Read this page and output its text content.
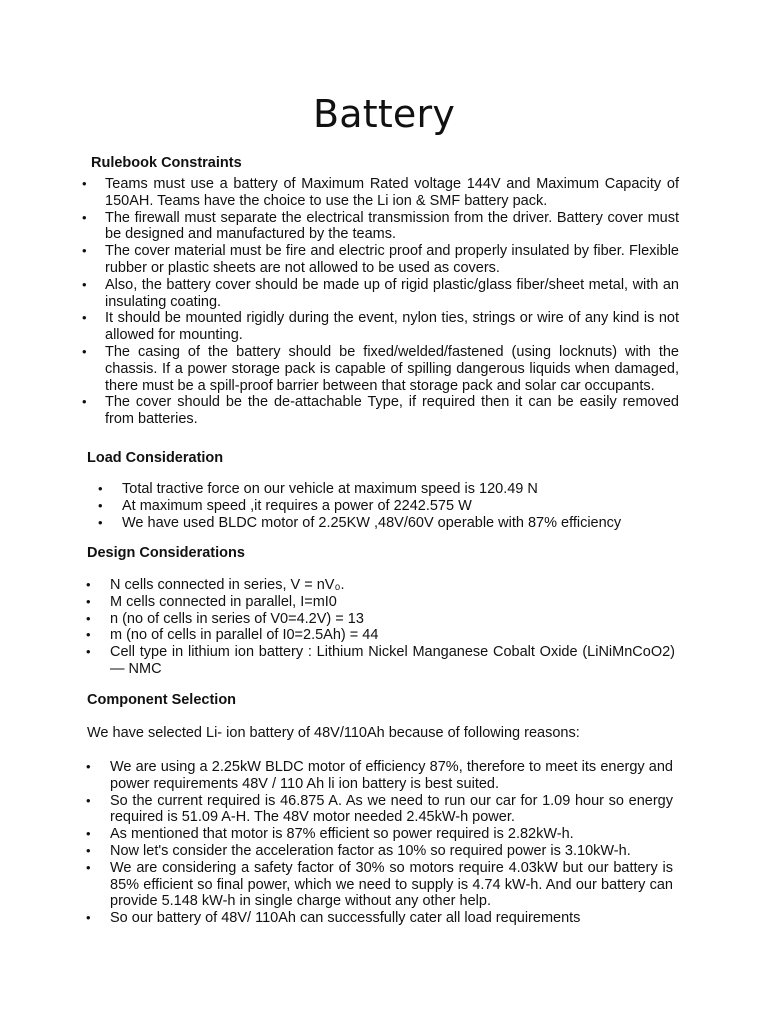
Battery
Rulebook Constraints
• Teams must use a battery of Maximum Rated voltage 144V and Maximum Capacity of 150AH. Teams have the choice to use the Li ion & SMF battery pack.
• The firewall must separate the electrical transmission from the driver. Battery cover must be designed and manufactured by the teams.
• The cover material must be fire and electric proof and properly insulated by fiber. Flexible rubber or plastic sheets are not allowed to be used as covers.
• Also, the battery cover should be made up of rigid plastic/glass fiber/sheet metal, with an insulating coating.
• It should be mounted rigidly during the event, nylon ties, strings or wire of any kind is not allowed for mounting.
• The casing of the battery should be fixed/welded/fastened (using locknuts) with the chassis. If a power storage pack is capable of spilling dangerous liquids when damaged, there must be a spill-proof barrier between that storage pack and solar car occupants.
• The cover should be the de-attachable Type, if required then it can be easily removed from batteries.
Load Consideration
• Total tractive force on our vehicle at maximum speed is 120.49 N
• At maximum speed ,it requires a power of 2242.575 W
• We have used BLDC motor of 2.25KW ,48V/60V operable with 87% efficiency
Design Considerations
• N cells connected in series, V = nV₀.
• M cells connected in parallel, I=mI0
• n (no of cells in series of V0=4.2V) = 13
• m (no of cells in parallel of I0=2.5Ah) = 44
• Cell type in lithium ion battery : Lithium Nickel Manganese Cobalt Oxide (LiNiMnCoO2) — NMC
Component Selection
We have selected Li- ion battery of 48V/110Ah because of following reasons:
• We are using a 2.25kW BLDC motor of efficiency 87%, therefore to meet its energy and power requirements 48V / 110 Ah li ion battery is best suited.
• So the current required is 46.875 A. As we need to run our car for 1.09 hour so energy required is 51.09 A-H. The 48V motor needed 2.45kW-h power.
• As mentioned that motor is 87% efficient so power required is 2.82kW-h.
• Now let's consider the acceleration factor as 10% so required power is 3.10kW-h.
• We are considering a safety factor of 30% so motors require 4.03kW but our battery is 85% efficient so final power, which we need to supply is 4.74 kW-h. And our battery can provide 5.148 kW-h in single charge without any other help.
• So our battery of 48V/ 110Ah can successfully cater all load requirements
